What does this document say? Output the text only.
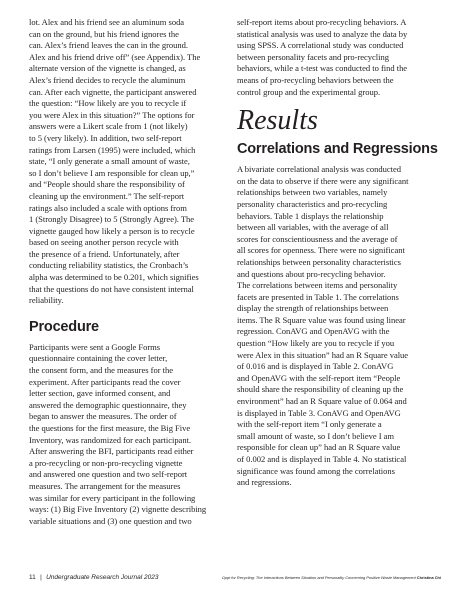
lot. Alex and his friend see an aluminum soda
can on the ground, but his friend ignores the
can. Alex’s friend leaves the can in the ground.
Alex and his friend drive off” (see Appendix). The
alternate version of the vignette is changed, as
Alex’s friend decides to recycle the aluminum
can. After each vignette, the participant answered
the question: “How likely are you to recycle if
you were Alex in this situation?” The options for
answers were a Likert scale from 1 (not likely)
to 5 (very likely). In addition, two self-report
ratings from Larsen (1995) were included, which
state, “I only generate a small amount of waste,
so I don’t believe I am responsible for clean up,”
and “People should share the responsibility of
cleaning up the environment.” The self-report
ratings also included a scale with options from
1 (Strongly Disagree) to 5 (Strongly Agree). The
vignette gauged how likely a person is to recycle
based on seeing another person recycle with
the presence of a friend. Unfortunately, after
conducting reliability statistics, the Cronbach’s
alpha was determined to be 0.201, which signifies
that the questions do not have consistent internal
reliability.
Procedure
Participants were sent a Google Forms
questionnaire containing the cover letter,
the consent form, and the measures for the
experiment. After participants read the cover
letter section, gave informed consent, and
answered the demographic questionnaire, they
began to answer the measures. The order of
the questions for the first measure, the Big Five
Inventory, was randomized for each participant.
After answering the BFI, participants read either
a pro-recycling or non-pro-recycling vignette
and answered one question and two self-report
measures. The arrangement for the measures
was similar for every participant in the following
ways: (1) Big Five Inventory (2) vignette describing
variable situations and (3) one question and two
self-report items about pro-recycling behaviors. A
statistical analysis was used to analyze the data by
using SPSS. A correlational study was conducted
between personality facets and pro-recycling
behaviors, while a t-test was conducted to find the
means of pro-recycling behaviors between the
control group and the experimental group.
Results
Correlations and Regressions
A bivariate correlational analysis was conducted
on the data to observe if there were any significant
relationships between two variables, namely
personality characteristics and pro-recycling
behaviors. Table 1 displays the relationship
between all variables, with the average of all
scores for conscientiousness and the average of
all scores for openness. There were no significant
relationships between personality characteristics
and questions about pro-recycling behavior.
The correlations between items and personality
facets are presented in Table 1. The correlations
display the strength of relationships between
items. The R Square value was found using linear
regression. ConAVG and OpenAVG with the
question “How likely are you to recycle if you
were Alex in this situation” had an R Square value
of 0.016 and is displayed in Table 2. ConAVG
and OpenAVG with the self-report item “People
should share the responsibility of cleaning up the
environment” had an R Square value of 0.064 and
is displayed in Table 3. ConAVG and OpenAVG
with the self-report item “I only generate a
small amount of waste, so I don’t believe I am
responsible for clean up” had an R Square value
of 0.002 and is displayed in Table 4. No statistical
significance was found among the correlations
and regressions.
11 | Undergraduate Research Journal 2023	Oppt for Recycling: The Interactions Between Situation and Personality Concerning Positive Waste Management Christina Chi
